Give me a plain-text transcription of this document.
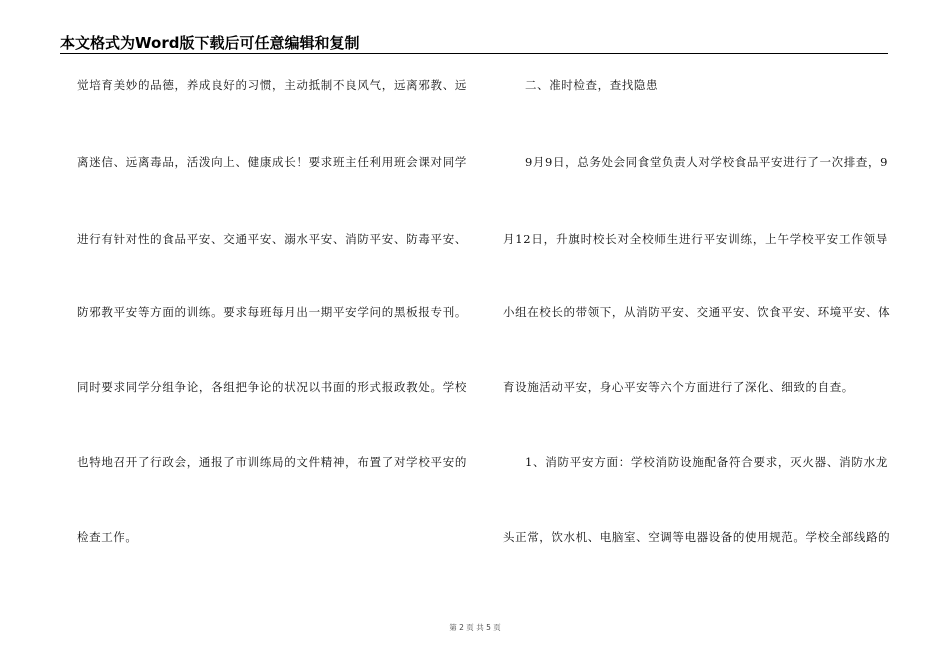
本文格式为Word版下载后可任意编辑和复制
觉培育美妙的品德，养成良好的习惯，主动抵制不良风气，远离邪教、远
离迷信、远离毒品，活泼向上、健康成长！要求班主任利用班会课对同学
进行有针对性的食品平安、交通平安、溺水平安、消防平安、防毒平安、
防邪教平安等方面的训练。要求每班每月出一期平安学问的黑板报专刊。
同时要求同学分组争论，各组把争论的状况以书面的形式报政教处。学校
也特地召开了行政会，通报了市训练局的文件精神，布置了对学校平安的
检查工作。
二、准时检查，查找隐患
9月9日，总务处会同食堂负责人对学校食品平安进行了一次排查，9
月12日，升旗时校长对全校师生进行平安训练，上午学校平安工作领导
小组在校长的带领下，从消防平安、交通平安、饮食平安、环境平安、体
育设施活动平安，身心平安等六个方面进行了深化、细致的自查。
1、消防平安方面：学校消防设施配备符合要求，灭火器、消防水龙
头正常，饮水机、电脑室、空调等电器设备的使用规范。学校全部线路的
第 2 页 共 5 页
